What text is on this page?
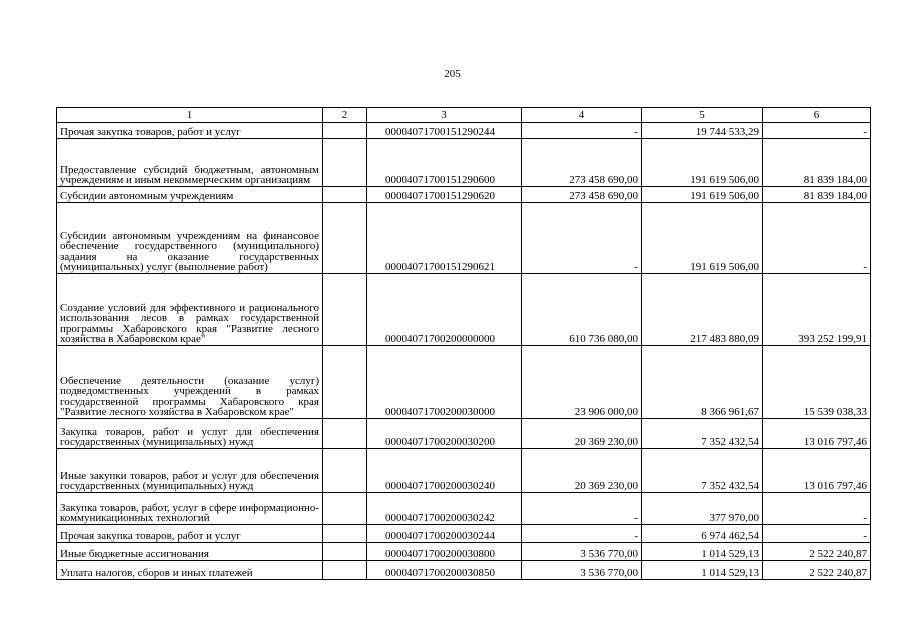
205
1	2	3	4	5	6
Прочая закупка товаров, работ и услуг		00004071700151290244	-	19 744 533,29	-
Предоставление субсидий бюджетным, автономным учреждениям и иным некоммерческим организациям		00004071700151290600	273 458 690,00	191 619 506,00	81 839 184,00
Субсидии автономным учреждениям		00004071700151290620	273 458 690,00	191 619 506,00	81 839 184,00
Субсидии автономным учреждениям на финансовое обеспечение государственного (муниципального) задания на оказание государственных (муниципальных) услуг (выполнение работ)		00004071700151290621	-	191 619 506,00	-
Создание условий для эффективного и рационального использования лесов в рамках государственной программы Хабаровского края "Развитие лесного хозяйства в Хабаровском крае"		00004071700200000000	610 736 080,00	217 483 880,09	393 252 199,91
Обеспечение деятельности (оказание услуг) подведомственных учреждений в рамках государственной программы Хабаровского края "Развитие лесного хозяйства в Хабаровском крае"		00004071700200030000	23 906 000,00	8 366 961,67	15 539 038,33
Закупка товаров, работ и услуг для обеспечения государственных (муниципальных) нужд		00004071700200030200	20 369 230,00	7 352 432,54	13 016 797,46
Иные закупки товаров, работ и услуг для обеспечения государственных (муниципальных) нужд		00004071700200030240	20 369 230,00	7 352 432,54	13 016 797,46
Закупка товаров, работ, услуг в сфере информационно-коммуникационных технологий		00004071700200030242	-	377 970,00	-
Прочая закупка товаров, работ и услуг		00004071700200030244	-	6 974 462,54	-
Иные бюджетные ассигнования		00004071700200030800	3 536 770,00	1 014 529,13	2 522 240,87
Уплата налогов, сборов и иных платежей		00004071700200030850	3 536 770,00	1 014 529,13	2 522 240,87
